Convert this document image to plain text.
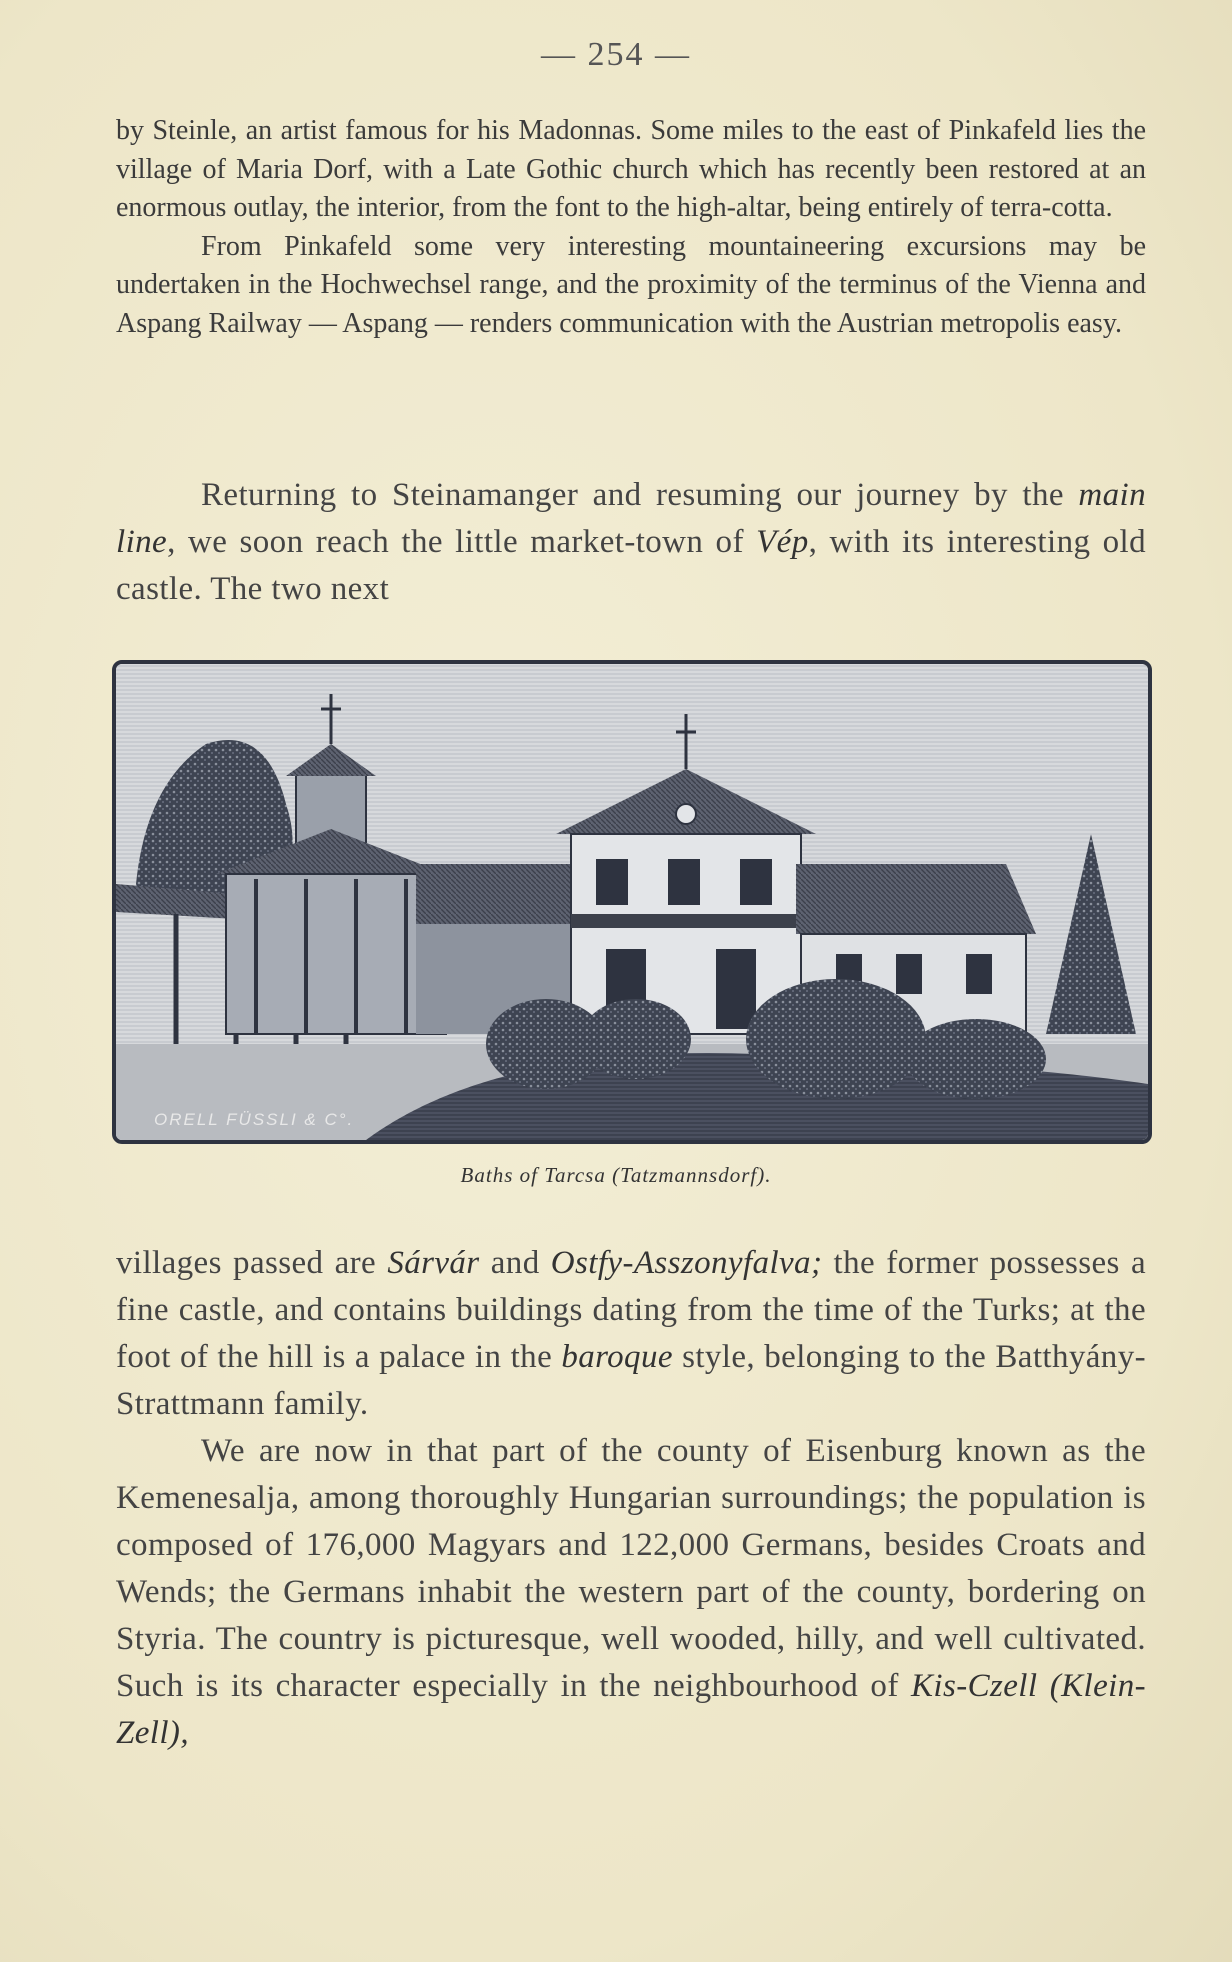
— 254 —

by Steinle, an artist famous for his Madonnas. Some miles to the east of Pinkafeld lies the village of Maria Dorf, with a Late Gothic church which has recently been restored at an enormous outlay, the interior, from the font to the high-altar, being entirely of terra-cotta.

From Pinkafeld some very interesting mountaineering excursions may be undertaken in the Hochwechsel range, and the proximity of the terminus of the Vienna and Aspang Railway — Aspang — renders communication with the Austrian metropolis easy.

Returning to Steinamanger and resuming our journey by the main line, we soon reach the little market-town of Vép, with its interesting old castle. The two next

ORELL FÜSSLI & C°.
Baths of Tarcsa (Tatzmannsdorf).

villages passed are Sárvár and Ostfy-Asszonyfalva; the former possesses a fine castle, and contains buildings dating from the time of the Turks; at the foot of the hill is a palace in the baroque style, belonging to the Batthyány-Strattmann family.

We are now in that part of the county of Eisenburg known as the Kemenesalja, among thoroughly Hungarian surroundings; the population is composed of 176,000 Magyars and 122,000 Germans, besides Croats and Wends; the Germans inhabit the western part of the county, bordering on Styria. The country is picturesque, well wooded, hilly, and well cultivated. Such is its character especially in the neighbourhood of Kis-Czell (Klein-Zell),
